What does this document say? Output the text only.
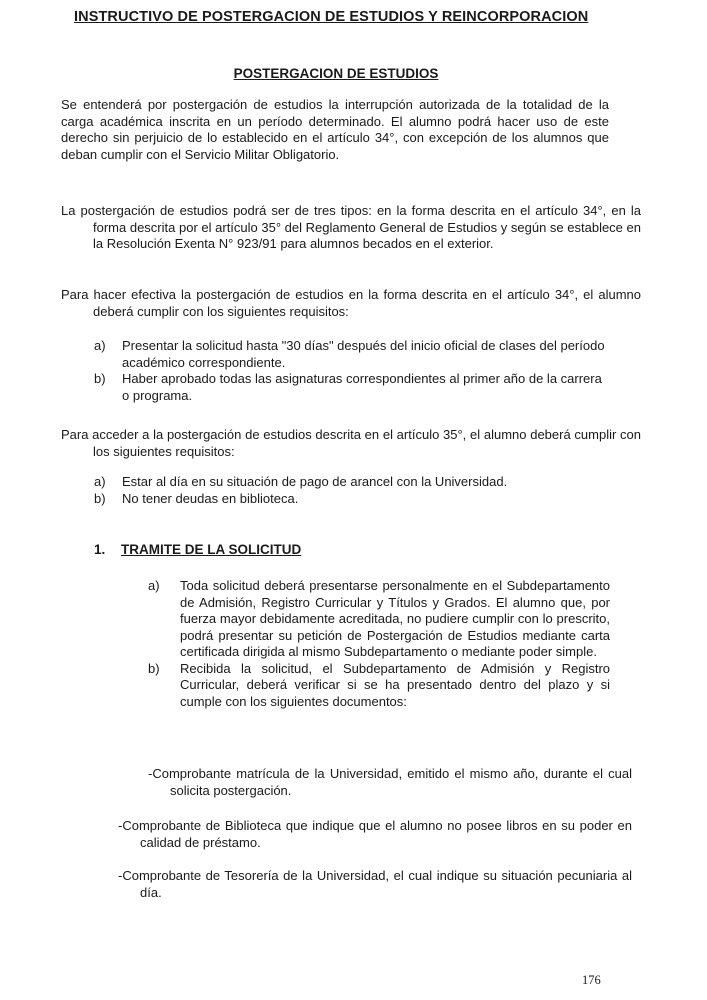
INSTRUCTIVO DE POSTERGACION DE ESTUDIOS Y REINCORPORACION
POSTERGACION DE ESTUDIOS
Se entenderá por postergación de estudios la interrupción autorizada de la totalidad de la carga académica inscrita en un período determinado. El alumno podrá hacer uso de este derecho sin perjuicio de lo establecido en el artículo 34°, con excepción de los alumnos que deban cumplir con el Servicio Militar Obligatorio.
La postergación de estudios podrá ser de tres tipos: en la forma descrita en el artículo 34°, en la forma descrita por el artículo 35° del Reglamento General de Estudios y según se establece en la Resolución Exenta N° 923/91 para alumnos becados en el exterior.
Para hacer efectiva la postergación de estudios en la forma descrita en el artículo 34°, el alumno deberá cumplir con los siguientes requisitos:
a) Presentar la solicitud hasta "30 días" después del inicio oficial de clases del período académico correspondiente.
b) Haber aprobado todas las asignaturas correspondientes al primer año de la carrera o programa.
Para acceder a la postergación de estudios descrita en el artículo 35°, el alumno deberá cumplir con los siguientes requisitos:
a) Estar al día en su situación de pago de arancel con la Universidad.
b) No tener deudas en biblioteca.
1. TRAMITE DE LA SOLICITUD
a) Toda solicitud deberá presentarse personalmente en el Subdepartamento de Admisión, Registro Curricular y Títulos y Grados. El alumno que, por fuerza mayor debidamente acreditada, no pudiere cumplir con lo prescrito, podrá presentar su petición de Postergación de Estudios mediante carta certificada dirigida al mismo Subdepartamento o mediante poder simple.
b) Recibida la solicitud, el Subdepartamento de Admisión y Registro Curricular, deberá verificar si se ha presentado dentro del plazo y si cumple con los siguientes documentos:
-Comprobante matrícula de la Universidad, emitido el mismo año, durante el cual solicita postergación.
-Comprobante de Biblioteca que indique que el alumno no posee libros en su poder en calidad de préstamo.
-Comprobante de Tesorería de la Universidad, el cual indique su situación pecuniaria al día.
176
